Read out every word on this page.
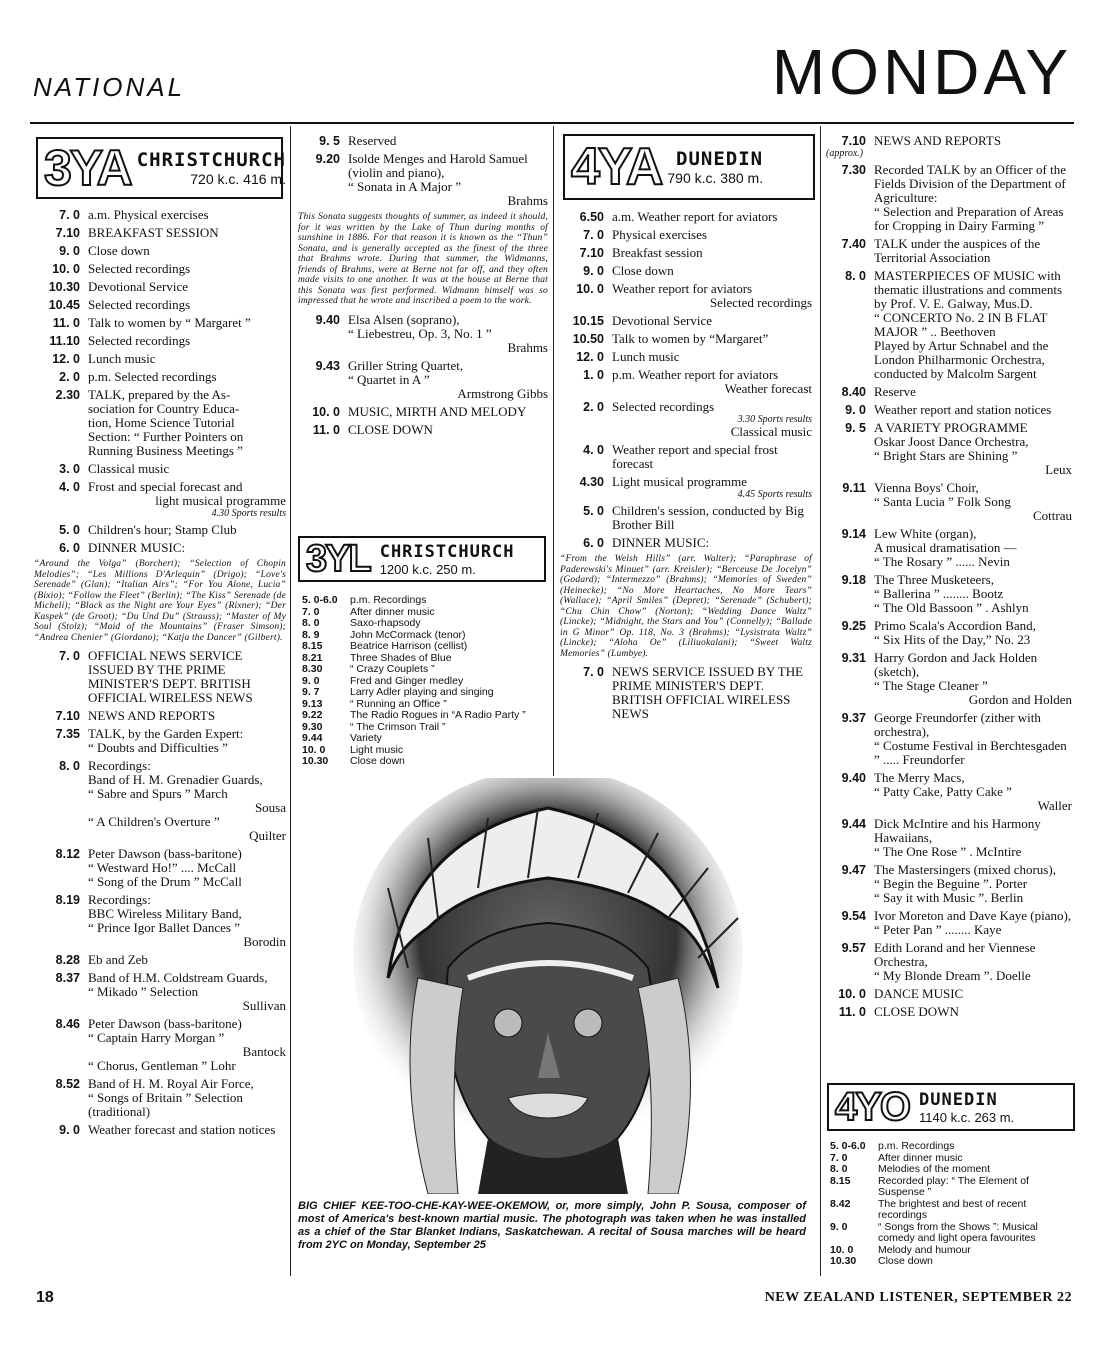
NATIONAL	MONDAY
3YA CHRISTCHURCH
720 k.c. 416 m.
7. 0 a.m. Physical exercises
7.10 BREAKFAST SESSION
9. 0 Close down
10. 0 Selected recordings
10.30 Devotional Service
10.45 Selected recordings
11. 0 Talk to women by “ Margaret ”
11.10 Selected recordings
12. 0 Lunch music
2. 0 p.m. Selected recordings
2.30 TALK, prepared by the As-
sociation for Country Educa-
tion, Home Science Tutorial
Section: “ Further Pointers on
Running Business Meetings ”
3. 0 Classical music
4. 0 Frost and special forecast and
light musical programme
4.30 Sports results
5. 0 Children's hour; Stamp Club
6. 0 DINNER MUSIC:
“Around the Volga” (Borchert); “Selection of Chopin Melodies”; “Les Millions D'Arlequin” (Drigo); “Love's Serenade” (Glan); “Italian Airs”; “For You Alone, Lucia” (Bixio); “Follow the Fleet” (Berlin); “The Kiss” Serenade (de Micheli); “Black as the Night are Your Eyes” (Rixner); “Der Kaspek” (de Groot); “Du Und Du” (Strauss); “Master of My Soul (Stolz); “Maid of the Mountains” (Fraser Simson); “Andrea Chenier” (Giordano); “Katja the Dancer” (Gilbert).
7. 0 OFFICIAL NEWS SERVICE ISSUED BY THE PRIME MINISTER'S DEPT. BRITISH OFFICIAL WIRELESS NEWS
7.10 NEWS AND REPORTS
7.35 TALK, by the Garden Expert:
“ Doubts and Difficulties ”
8. 0 Recordings:
Band of H. M. Grenadier Guards,
“ Sabre and Spurs ” March
Sousa
“ A Children's Overture ”
Quilter
8.12 Peter Dawson (bass-baritone)
“ Westward Ho!” .... McCall
“ Song of the Drum ” McCall
8.19 Recordings:
BBC Wireless Military Band,
“ Prince Igor Ballet Dances ”
Borodin
8.28 Eb and Zeb
8.37 Band of H.M. Coldstream Guards,
“ Mikado ” Selection
Sullivan
8.46 Peter Dawson (bass-baritone)
“ Captain Harry Morgan ”
Bantock
“ Chorus, Gentleman ” Lohr
8.52 Band of H. M. Royal Air Force,
“ Songs of Britain ” Selection (traditional)
9. 0 Weather forecast and station notices
9. 5 Reserved
9.20 Isolde Menges and Harold Samuel (violin and piano),
“ Sonata in A Major ”
Brahms
This Sonata suggests thoughts of summer, as indeed it should, for it was written by the Lake of Thun during months of sunshine in 1886. For that reason it is known as the “Thun” Sonata, and is generally accepted as the finest of the three that Brahms wrote. During that summer, the Widmanns, friends of Brahms, were at Berne not far off, and they often made visits to one another. It was at the house at Berne that this Sonata was first performed. Widmann himself was so impressed that he wrote and inscribed a poem to the work.
9.40 Elsa Alsen (soprano),
“ Liebestreu, Op. 3, No. 1 ”
Brahms
9.43 Griller String Quartet,
“ Quartet in A ”
Armstrong Gibbs
10. 0 MUSIC, MIRTH AND MELODY
11. 0 CLOSE DOWN
3YL CHRISTCHURCH
1200 k.c. 250 m.
5. 0-6.0	p.m. Recordings
7. 0	After dinner music
8. 0	Saxo-rhapsody
8. 9	John McCormack (tenor)
8.15	Beatrice Harrison (cellist)
8.21	Three Shades of Blue
8.30	“ Crazy Couplets ”
9. 0	Fred and Ginger medley
9. 7	Larry Adler playing and singing
9.13	“ Running an Office ”
9.22	The Radio Rogues in “A Radio Party ”
9.30	“ The Crimson Trail ”
9.44	Variety
10. 0	Light music
10.30	Close down
4YA DUNEDIN
790 k.c. 380 m.
6.50 a.m. Weather report for aviators
7. 0 Physical exercises
7.10 Breakfast session
9. 0 Close down
10. 0 Weather report for aviators
Selected recordings
10.15 Devotional Service
10.50 Talk to women by “Margaret”
12. 0 Lunch music
1. 0 p.m. Weather report for aviators
Weather forecast
2. 0 Selected recordings
3.30 Sports results
Classical music
4. 0 Weather report and special frost forecast
4.30 Light musical programme
4.45 Sports results
5. 0 Children's session, conducted by Big Brother Bill
6. 0 DINNER MUSIC:
“From the Welsh Hills” (arr. Walter); “Paraphrase of Paderewski's Minuet” (arr. Kreisler); “Berceuse De Jocelyn” (Godard); “Intermezzo” (Brahms); “Memories of Sweden” (Heinecke); “No More Heartaches, No More Tears” (Wallace); “April Smiles” (Depret); “Serenade” (Schubert); “Chu Chin Chow” (Norton); “Wedding Dance Waltz” (Lincke); “Midnight, the Stars and You” (Connelly); “Ballade in G Minor” Op. 118, No. 3 (Brahms); “Lysistrata Waltz” (Lincke); “Aloha Oe” (Liliuokalani); “Sweet Waltz Memories” (Lumbye).
7. 0 NEWS SERVICE ISSUED BY THE PRIME MINISTER'S DEPT. BRITISH OFFICIAL WIRELESS NEWS
BIG CHIEF KEE-TOO-CHE-KAY-WEE-OKEMOW, or, more simply, John P. Sousa, composer of most of America's best-known martial music. The photograph was taken when he was installed as a chief of the Star Blanket Indians, Saskatchewan. A recital of Sousa marches will be heard from 2YC on Monday, September 25
7.10 NEWS AND REPORTS
(approx.)
7.30 Recorded TALK by an Officer of the Fields Division of the Department of Agriculture:
“ Selection and Preparation of Areas for Cropping in Dairy Farming ”
7.40 TALK under the auspices of the Territorial Association
8. 0 MASTERPIECES OF MUSIC with thematic illustrations and comments by Prof. V. E. Galway, Mus.D.
“ CONCERTO No. 2 IN B FLAT MAJOR ” .. Beethoven
Played by Artur Schnabel and the London Philharmonic Orchestra, conducted by Malcolm Sargent
8.40 Reserve
9. 0 Weather report and station notices
9. 5 A VARIETY PROGRAMME
Oskar Joost Dance Orchestra,
“ Bright Stars are Shining ”
Leux
9.11 Vienna Boys' Choir,
“ Santa Lucia ” Folk Song
Cottrau
9.14 Lew White (organ),
A musical dramatisation —
“ The Rosary ” ...... Nevin
9.18 The Three Musketeers,
“ Ballerina ” ........ Bootz
“ The Old Bassoon ” . Ashlyn
9.25 Primo Scala's Accordion Band,
“ Six Hits of the Day,” No. 23
9.31 Harry Gordon and Jack Holden (sketch),
“ The Stage Cleaner ”
Gordon and Holden
9.37 George Freundorfer (zither with orchestra),
“ Costume Festival in Berchtesgaden ” ..... Freundorfer
9.40 The Merry Macs,
“ Patty Cake, Patty Cake ”
Waller
9.44 Dick McIntire and his Harmony Hawaiians,
“ The One Rose ” . McIntire
9.47 The Mastersingers (mixed chorus),
“ Begin the Beguine ”. Porter
“ Say it with Music ”. Berlin
9.54 Ivor Moreton and Dave Kaye (piano),
“ Peter Pan ” ........ Kaye
9.57 Edith Lorand and her Viennese Orchestra,
“ My Blonde Dream ”. Doelle
10. 0 DANCE MUSIC
11. 0 CLOSE DOWN
4YO DUNEDIN
1140 k.c. 263 m.
5. 0-6.0	p.m. Recordings
7. 0	After dinner music
8. 0	Melodies of the moment
8.15	Recorded play: “ The Element of Suspense ”
8.42	The brightest and best of recent recordings
9. 0	“ Songs from the Shows ”: Musical comedy and light opera favourites
10. 0	Melody and humour
10.30	Close down
18	NEW ZEALAND LISTENER, SEPTEMBER 22
